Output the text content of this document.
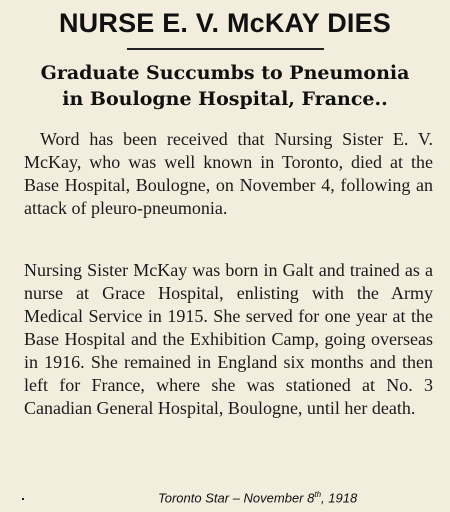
NURSE E. V. McKAY DIES
Graduate Succumbs to Pneumonia
in Boulogne Hospital, France..
Word has been received that Nursing Sister E. V. McKay, who was well known in Toronto, died at the Base Hospital, Boulogne, on November 4, following an attack of pleuro-pneumonia.
Nursing Sister McKay was born in Galt and trained as a nurse at Grace Hospital, enlisting with the Army Medical Service in 1915. She served for one year at the Base Hospital and the Exhibition Camp, going overseas in 1916. She remained in England six months and then left for France, where she was stationed at No. 3 Canadian General Hospital, Boulogne, until her death.
Toronto Star – November 8th, 1918
